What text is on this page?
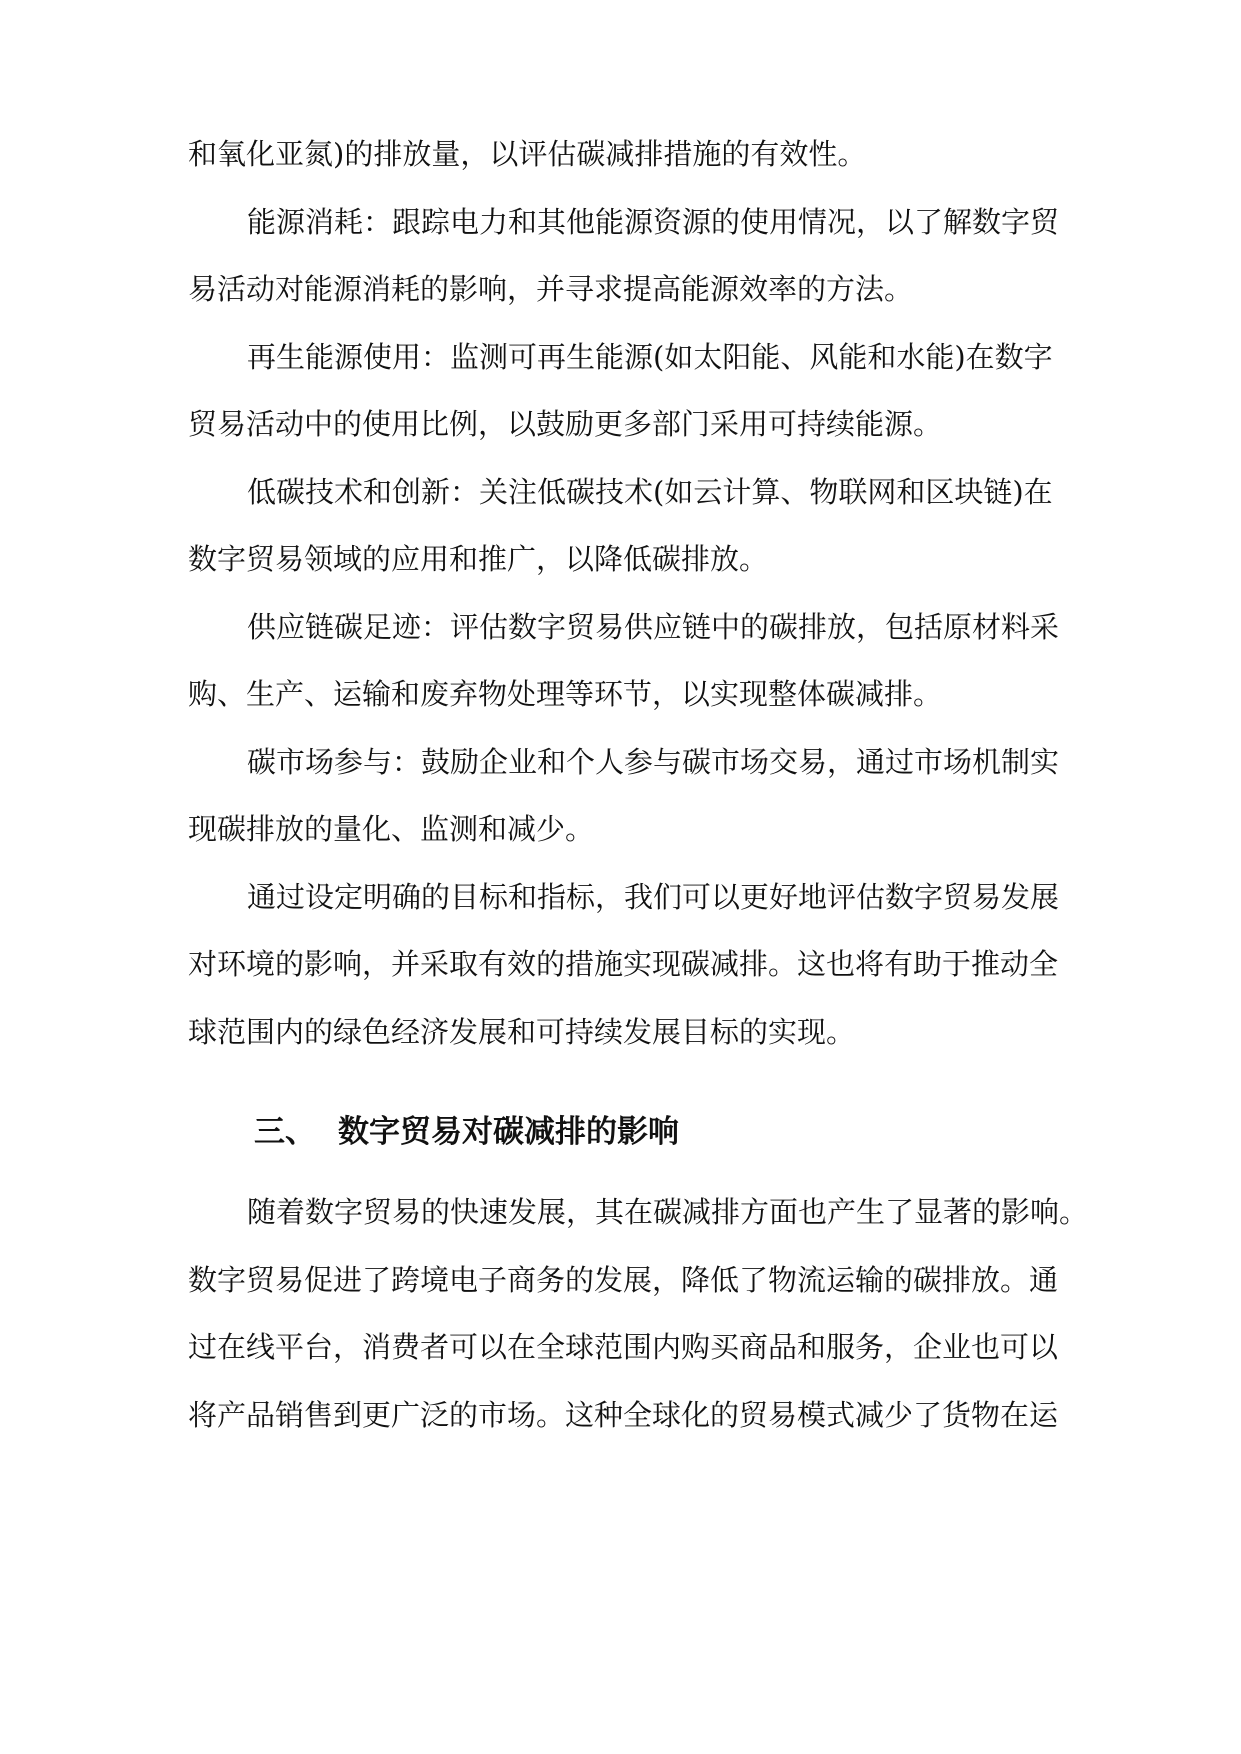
和氧化亚氮)的排放量，以评估碳减排措施的有效性。
能源消耗：跟踪电力和其他能源资源的使用情况，以了解数字贸
易活动对能源消耗的影响，并寻求提高能源效率的方法。
再生能源使用：监测可再生能源(如太阳能、风能和水能)在数字
贸易活动中的使用比例，以鼓励更多部门采用可持续能源。
低碳技术和创新：关注低碳技术(如云计算、物联网和区块链)在
数字贸易领域的应用和推广，以降低碳排放。
供应链碳足迹：评估数字贸易供应链中的碳排放，包括原材料采
购、生产、运输和废弃物处理等环节，以实现整体碳减排。
碳市场参与：鼓励企业和个人参与碳市场交易，通过市场机制实
现碳排放的量化、监测和减少。
通过设定明确的目标和指标，我们可以更好地评估数字贸易发展
对环境的影响，并采取有效的措施实现碳减排。这也将有助于推动全
球范围内的绿色经济发展和可持续发展目标的实现。
三、 数字贸易对碳减排的影响
随着数字贸易的快速发展，其在碳减排方面也产生了显著的影响。
数字贸易促进了跨境电子商务的发展，降低了物流运输的碳排放。通
过在线平台，消费者可以在全球范围内购买商品和服务，企业也可以
将产品销售到更广泛的市场。这种全球化的贸易模式减少了货物在运
